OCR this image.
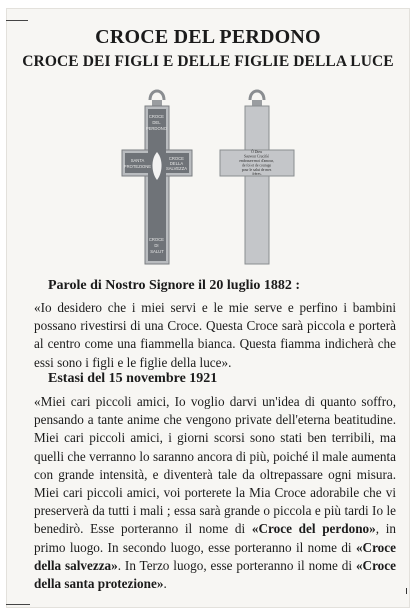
CROCE DEL PERDONO
CROCE DEI FIGLI E DELLE FIGLIE DELLA LUCE
CROCE DEL PERDONO SANTA PROTEZIONE CROCE DELLA SALVEZZA CROCE DI SALUT
Ô Dieu Sauveur Crucifié embrasez-moi d'amour, de foi et de courage pour le salut de mes frères.
Parole di Nostro Signore il 20 luglio 1882 :
«Io desidero che i miei servi e le mie serve e perfino i bambini possano rivestirsi di una Croce. Questa Croce sarà piccola e porterà al centro come una fiammella bianca. Questa fiamma indicherà che essi sono i figli e le figlie della luce».
Estasi del 15 novembre 1921
«Miei cari piccoli amici, Io voglio darvi un'idea di quanto soffro, pensando a tante anime che vengono private dell'eterna beatitudine. Miei cari piccoli amici, i giorni scorsi sono stati ben terribili, ma quelli che verranno lo saranno ancora di più, poiché il male aumenta con grande intensità, e diventerà tale da oltrepassare ogni misura. Miei cari piccoli amici, voi porterete la Mia Croce adorabile che vi preserverà da tutti i mali ; essa sarà grande o piccola e più tardi Io le benedirò. Esse porteranno il nome di «Croce del perdono», in primo luogo. In secondo luogo, esse porteranno il nome di «Croce della salvezza». In Terzo luogo, esse porteranno il nome di «Croce della santa protezione».
